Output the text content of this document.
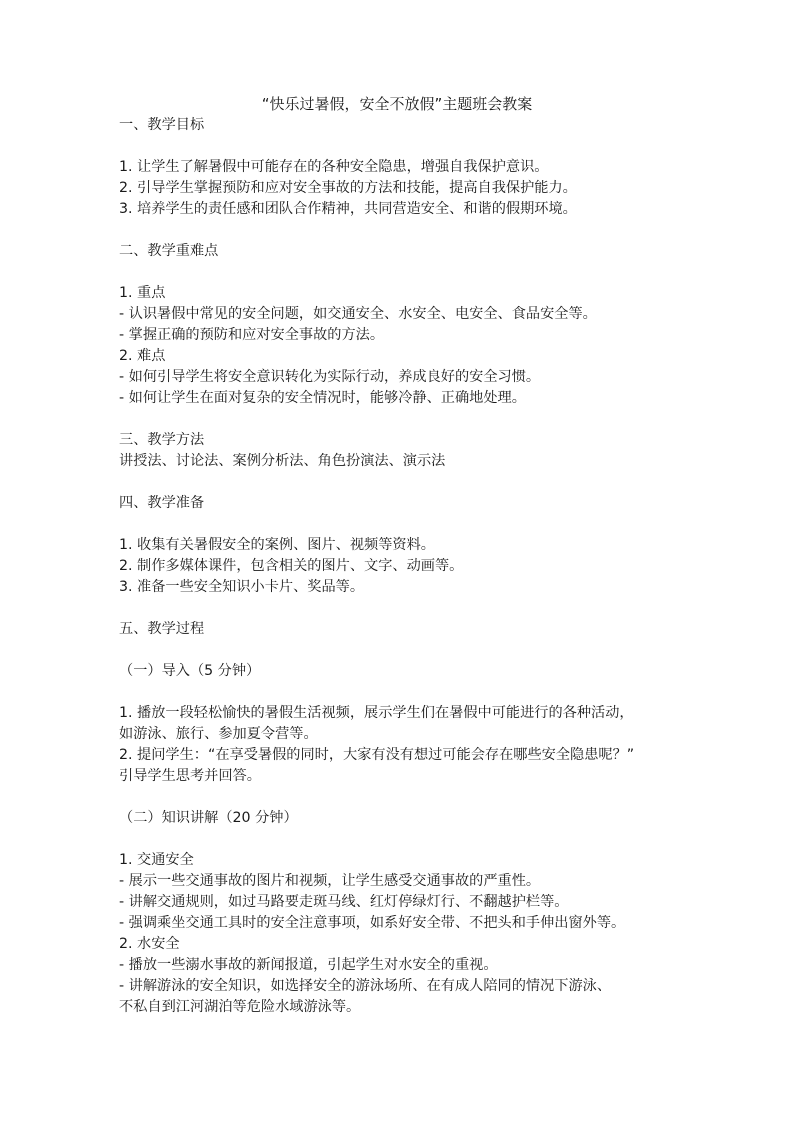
“快乐过暑假，安全不放假”主题班会教案

一、教学目标

1. 让学生了解暑假中可能存在的各种安全隐患，增强自我保护意识。

2. 引导学生掌握预防和应对安全事故的方法和技能，提高自我保护能力。

3. 培养学生的责任感和团队合作精神，共同营造安全、和谐的假期环境。

二、教学重难点

1. 重点

- 认识暑假中常见的安全问题，如交通安全、水安全、电安全、食品安全等。

- 掌握正确的预防和应对安全事故的方法。

2. 难点

- 如何引导学生将安全意识转化为实际行动，养成良好的安全习惯。

- 如何让学生在面对复杂的安全情况时，能够冷静、正确地处理。

三、教学方法

讲授法、讨论法、案例分析法、角色扮演法、演示法

四、教学准备

1. 收集有关暑假安全的案例、图片、视频等资料。

2. 制作多媒体课件，包含相关的图片、文字、动画等。

3. 准备一些安全知识小卡片、奖品等。

五、教学过程

（一）导入（5 分钟）

1. 播放一段轻松愉快的暑假生活视频，展示学生们在暑假中可能进行的各种活动，

如游泳、旅行、参加夏令营等。

2. 提问学生：“在享受暑假的同时，大家有没有想过可能会存在哪些安全隐患呢？”

引导学生思考并回答。

（二）知识讲解（20 分钟）

1. 交通安全

- 展示一些交通事故的图片和视频，让学生感受交通事故的严重性。

- 讲解交通规则，如过马路要走斑马线、红灯停绿灯行、不翻越护栏等。

- 强调乘坐交通工具时的安全注意事项，如系好安全带、不把头和手伸出窗外等。

2. 水安全

- 播放一些溺水事故的新闻报道，引起学生对水安全的重视。

- 讲解游泳的安全知识，如选择安全的游泳场所、在有成人陪同的情况下游泳、

不私自到江河湖泊等危险水域游泳等。
